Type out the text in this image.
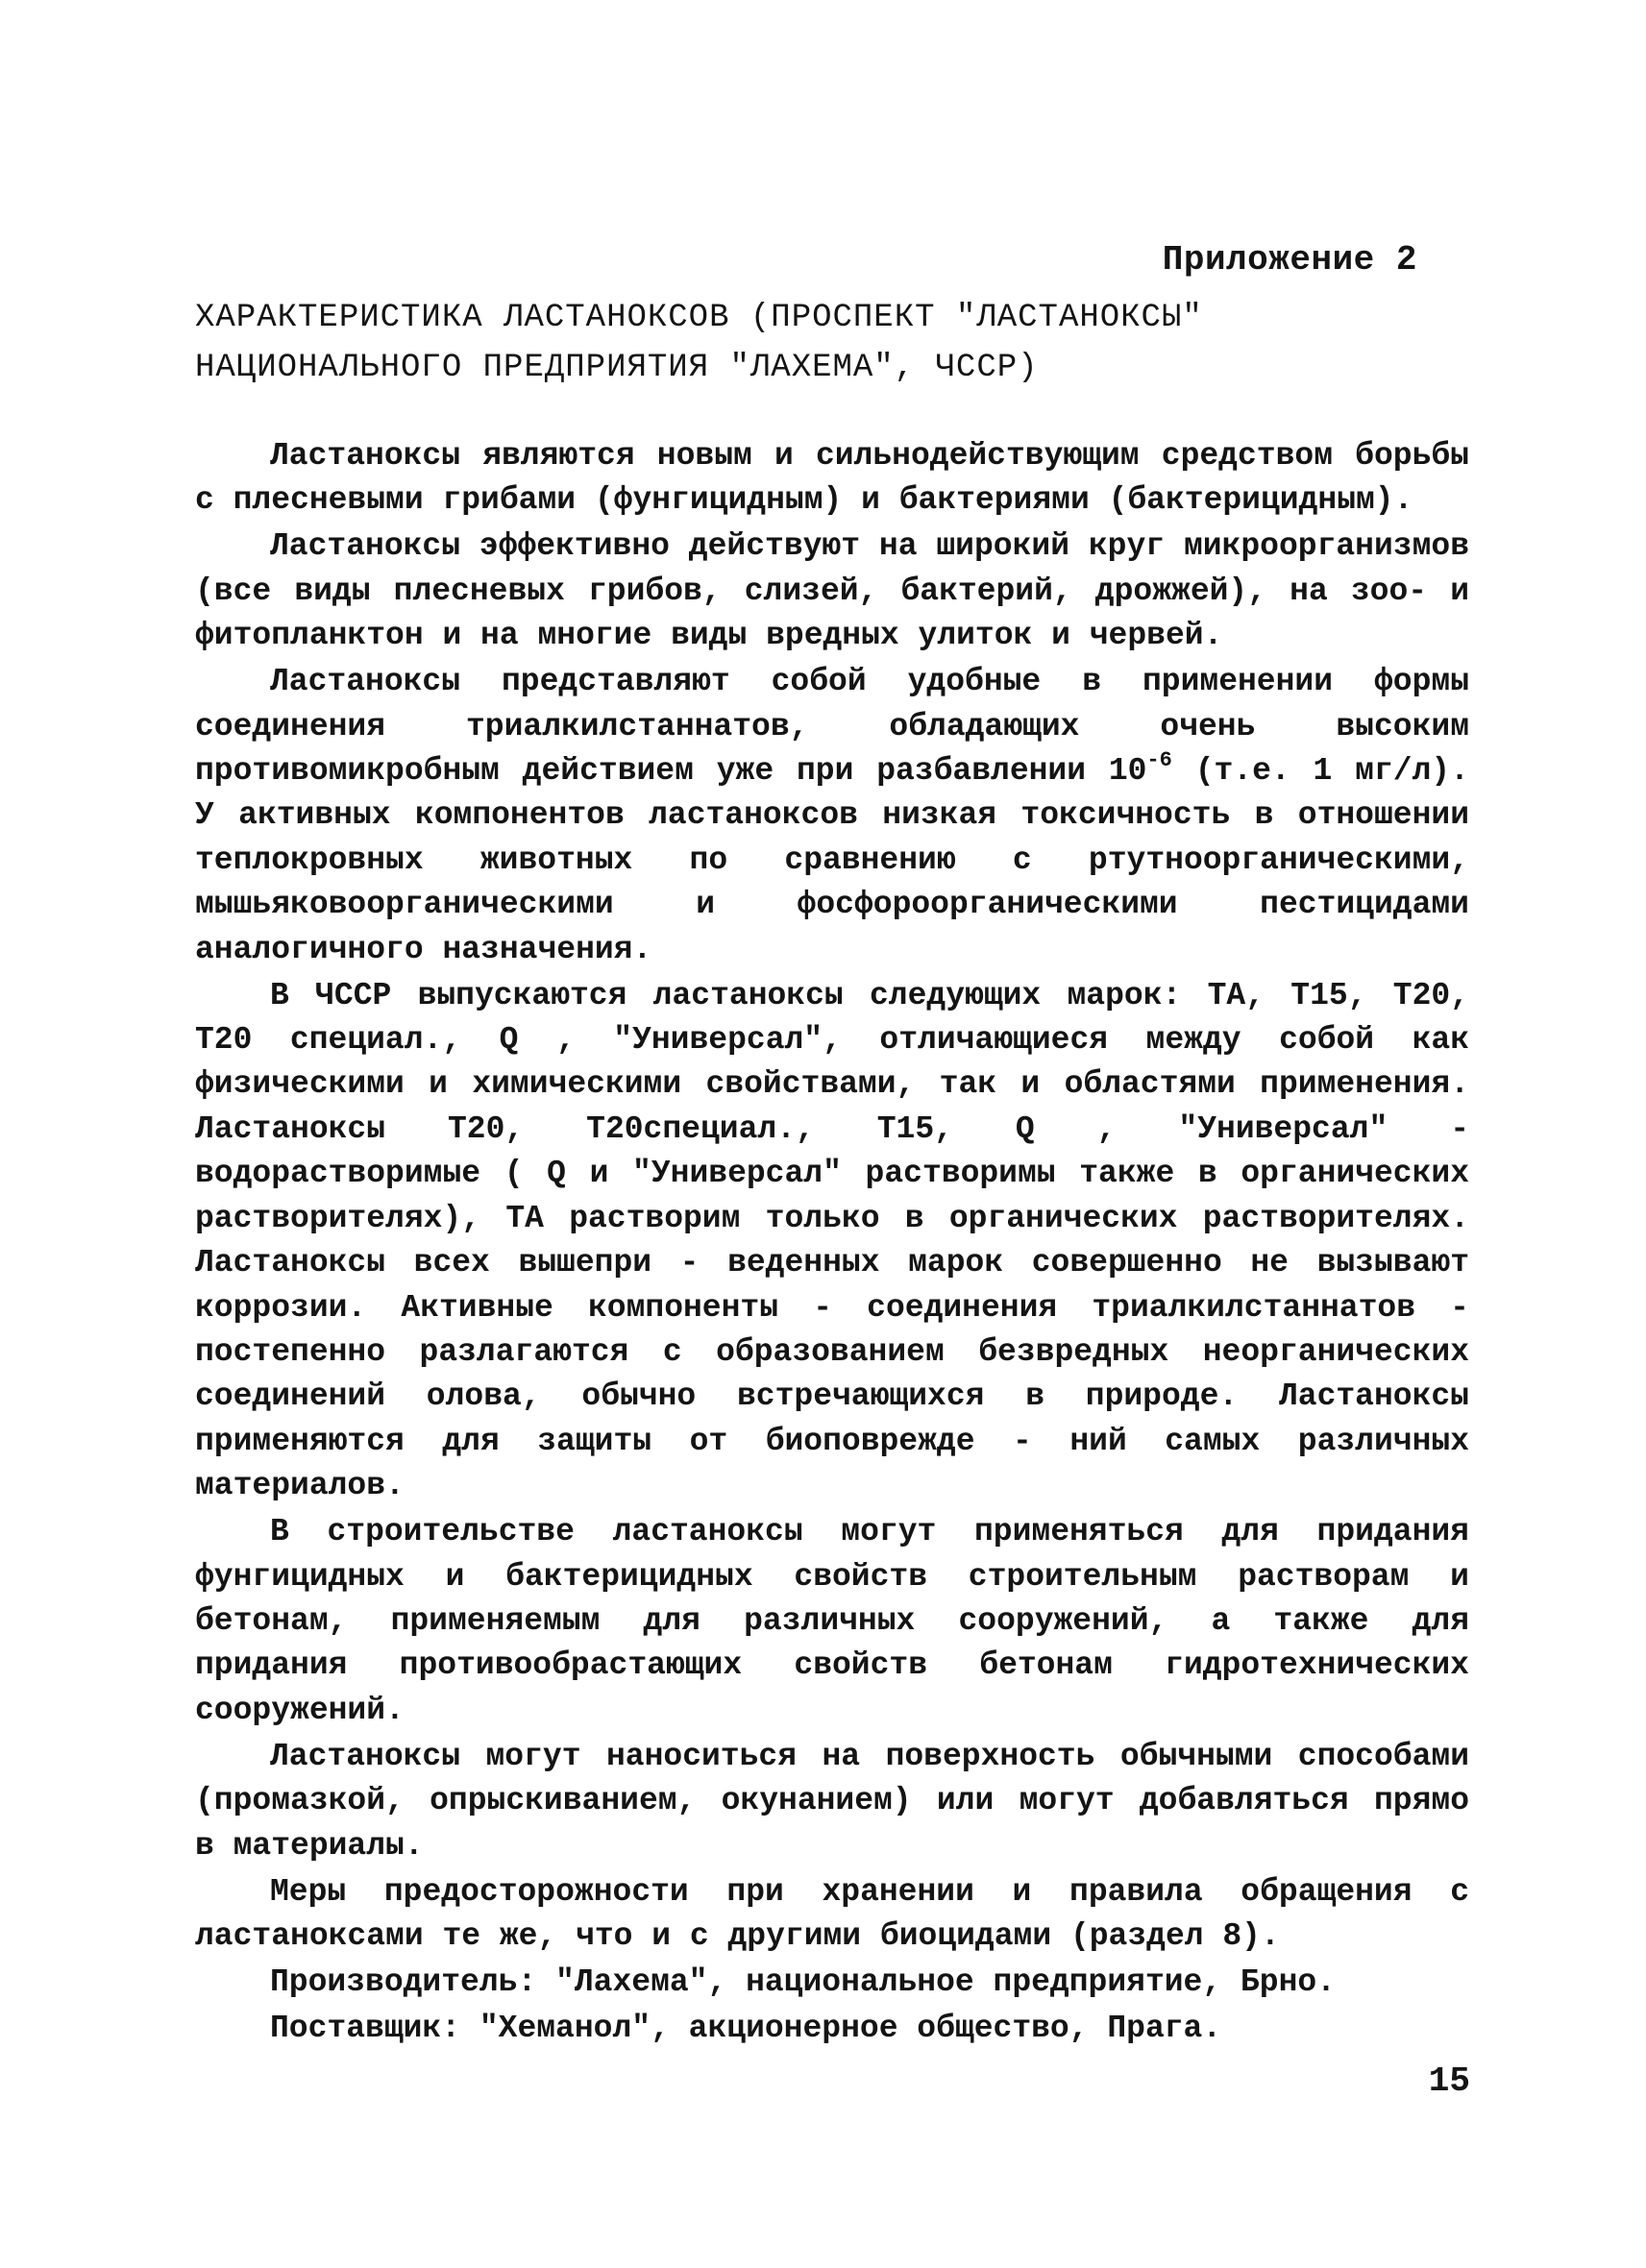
Приложение 2
ХАРАКТЕРИСТИКА ЛАСТАНОКСОВ (ПРОСПЕКТ "ЛАСТАНОКСЫ"
НАЦИОНАЛЬНОГО ПРЕДПРИЯТИЯ "ЛАХЕМА", ЧССР)

Ластаноксы являются новым и сильнодействующим средством борьбы с плесневыми грибами (фунгицидным) и бактериями (бактерицидным).

Ластаноксы эффективно действуют на широкий круг микроорганизмов (все виды плесневых грибов, слизей, бактерий, дрожжей), на зоо- и фитопланктон и на многие виды вредных улиток и червей.

Ластаноксы представляют собой удобные в применении формы соединения триалкилстаннатов, обладающих очень высоким противомикробным действием уже при разбавлении $10^{-6}$ (т.е. 1 мг/л). У активных компонентов ластаноксов низкая токсичность в отношении теплокровных животных по сравнению с ртутноорганическими, мышьяковоорганическими и фосфороорганическими пестицидами аналогичного назначения.

В ЧССР выпускаются ластаноксы следующих марок: ТА, Т15, Т20, Т20 специал., Q , "Универсал", отличающиеся между собой как физическими и химическими свойствами, так и областями применения. Ластаноксы Т20, Т20специал., Т15, Q , "Универсал" - водорастворимые ( Q и "Универсал" растворимы также в органических растворителях), ТА растворим только в органических растворителях. Ластаноксы всех вышепри - веденных марок совершенно не вызывают коррозии. Активные компоненты - соединения триалкилстаннатов - постепенно разлагаются с образованием безвредных неорганических соединений олова, обычно встречающихся в природе. Ластаноксы применяются для защиты от биоповрежде - ний самых различных материалов.

В строительстве ластаноксы могут применяться для придания фунгицидных и бактерицидных свойств строительным растворам и бетонам, применяемым для различных сооружений, а также для придания противообрастающих свойств бетонам гидротехнических сооружений.

Ластаноксы могут наноситься на поверхность обычными способами (промазкой, опрыскиванием, окунанием) или могут добавляться прямо в материалы.

Меры предосторожности при хранении и правила обращения с ластаноксами те же, что и с другими биоцидами (раздел 8).

Производитель: "Лахема", национальное предприятие, Брно.

Поставщик: "Хеманол", акционерное общество, Прага.

15
